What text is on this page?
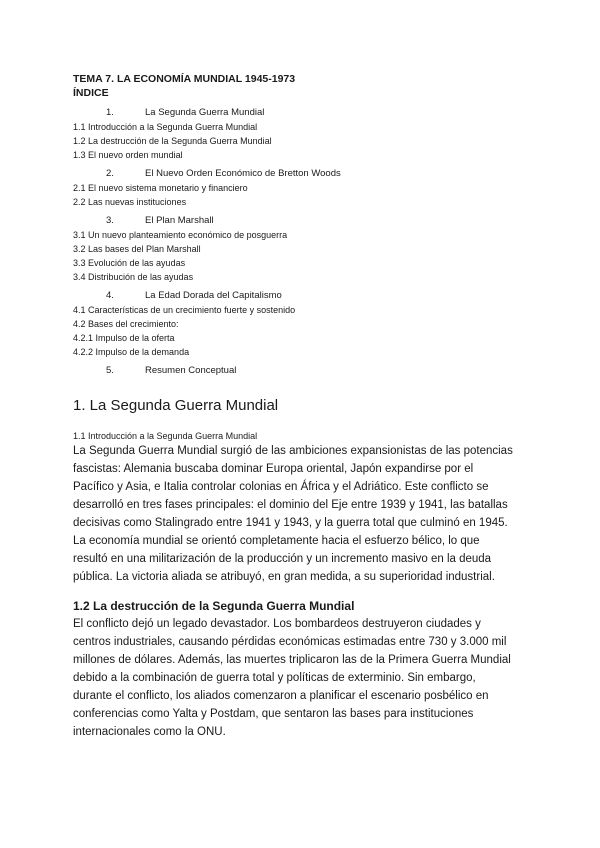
TEMA 7. LA ECONOMÍA MUNDIAL 1945-1973

ÍNDICE

1.	La Segunda Guerra Mundial
1.1 Introducción a la Segunda Guerra Mundial
1.2 La destrucción de la Segunda Guerra Mundial
1.3 El nuevo orden mundial
2.	El Nuevo Orden Económico de Bretton Woods
2.1 El nuevo sistema monetario y financiero
2.2 Las nuevas instituciones
3.	El Plan Marshall
3.1 Un nuevo planteamiento económico de posguerra
3.2 Las bases del Plan Marshall
3.3 Evolución de las ayudas
3.4 Distribución de las ayudas
4.	La Edad Dorada del Capitalismo
4.1 Características de un crecimiento fuerte y sostenido
4.2 Bases del crecimiento:
4.2.1 Impulso de la oferta
4.2.2 Impulso de la demanda
5.	Resumen Conceptual
1. La Segunda Guerra Mundial

1.1 Introducción a la Segunda Guerra Mundial

La Segunda Guerra Mundial surgió de las ambiciones expansionistas de las potencias fascistas: Alemania buscaba dominar Europa oriental, Japón expandirse por el Pacífico y Asia, e Italia controlar colonias en África y el Adriático. Este conflicto se desarrolló en tres fases principales: el dominio del Eje entre 1939 y 1941, las batallas decisivas como Stalingrado entre 1941 y 1943, y la guerra total que culminó en 1945. La economía mundial se orientó completamente hacia el esfuerzo bélico, lo que resultó en una militarización de la producción y un incremento masivo en la deuda pública. La victoria aliada se atribuyó, en gran medida, a su superioridad industrial.

1.2 La destrucción de la Segunda Guerra Mundial

El conflicto dejó un legado devastador. Los bombardeos destruyeron ciudades y centros industriales, causando pérdidas económicas estimadas entre 730 y 3.000 mil millones de dólares. Además, las muertes triplicaron las de la Primera Guerra Mundial debido a la combinación de guerra total y políticas de exterminio. Sin embargo, durante el conflicto, los aliados comenzaron a planificar el escenario posbélico en conferencias como Yalta y Postdam, que sentaron las bases para instituciones internacionales como la ONU.
